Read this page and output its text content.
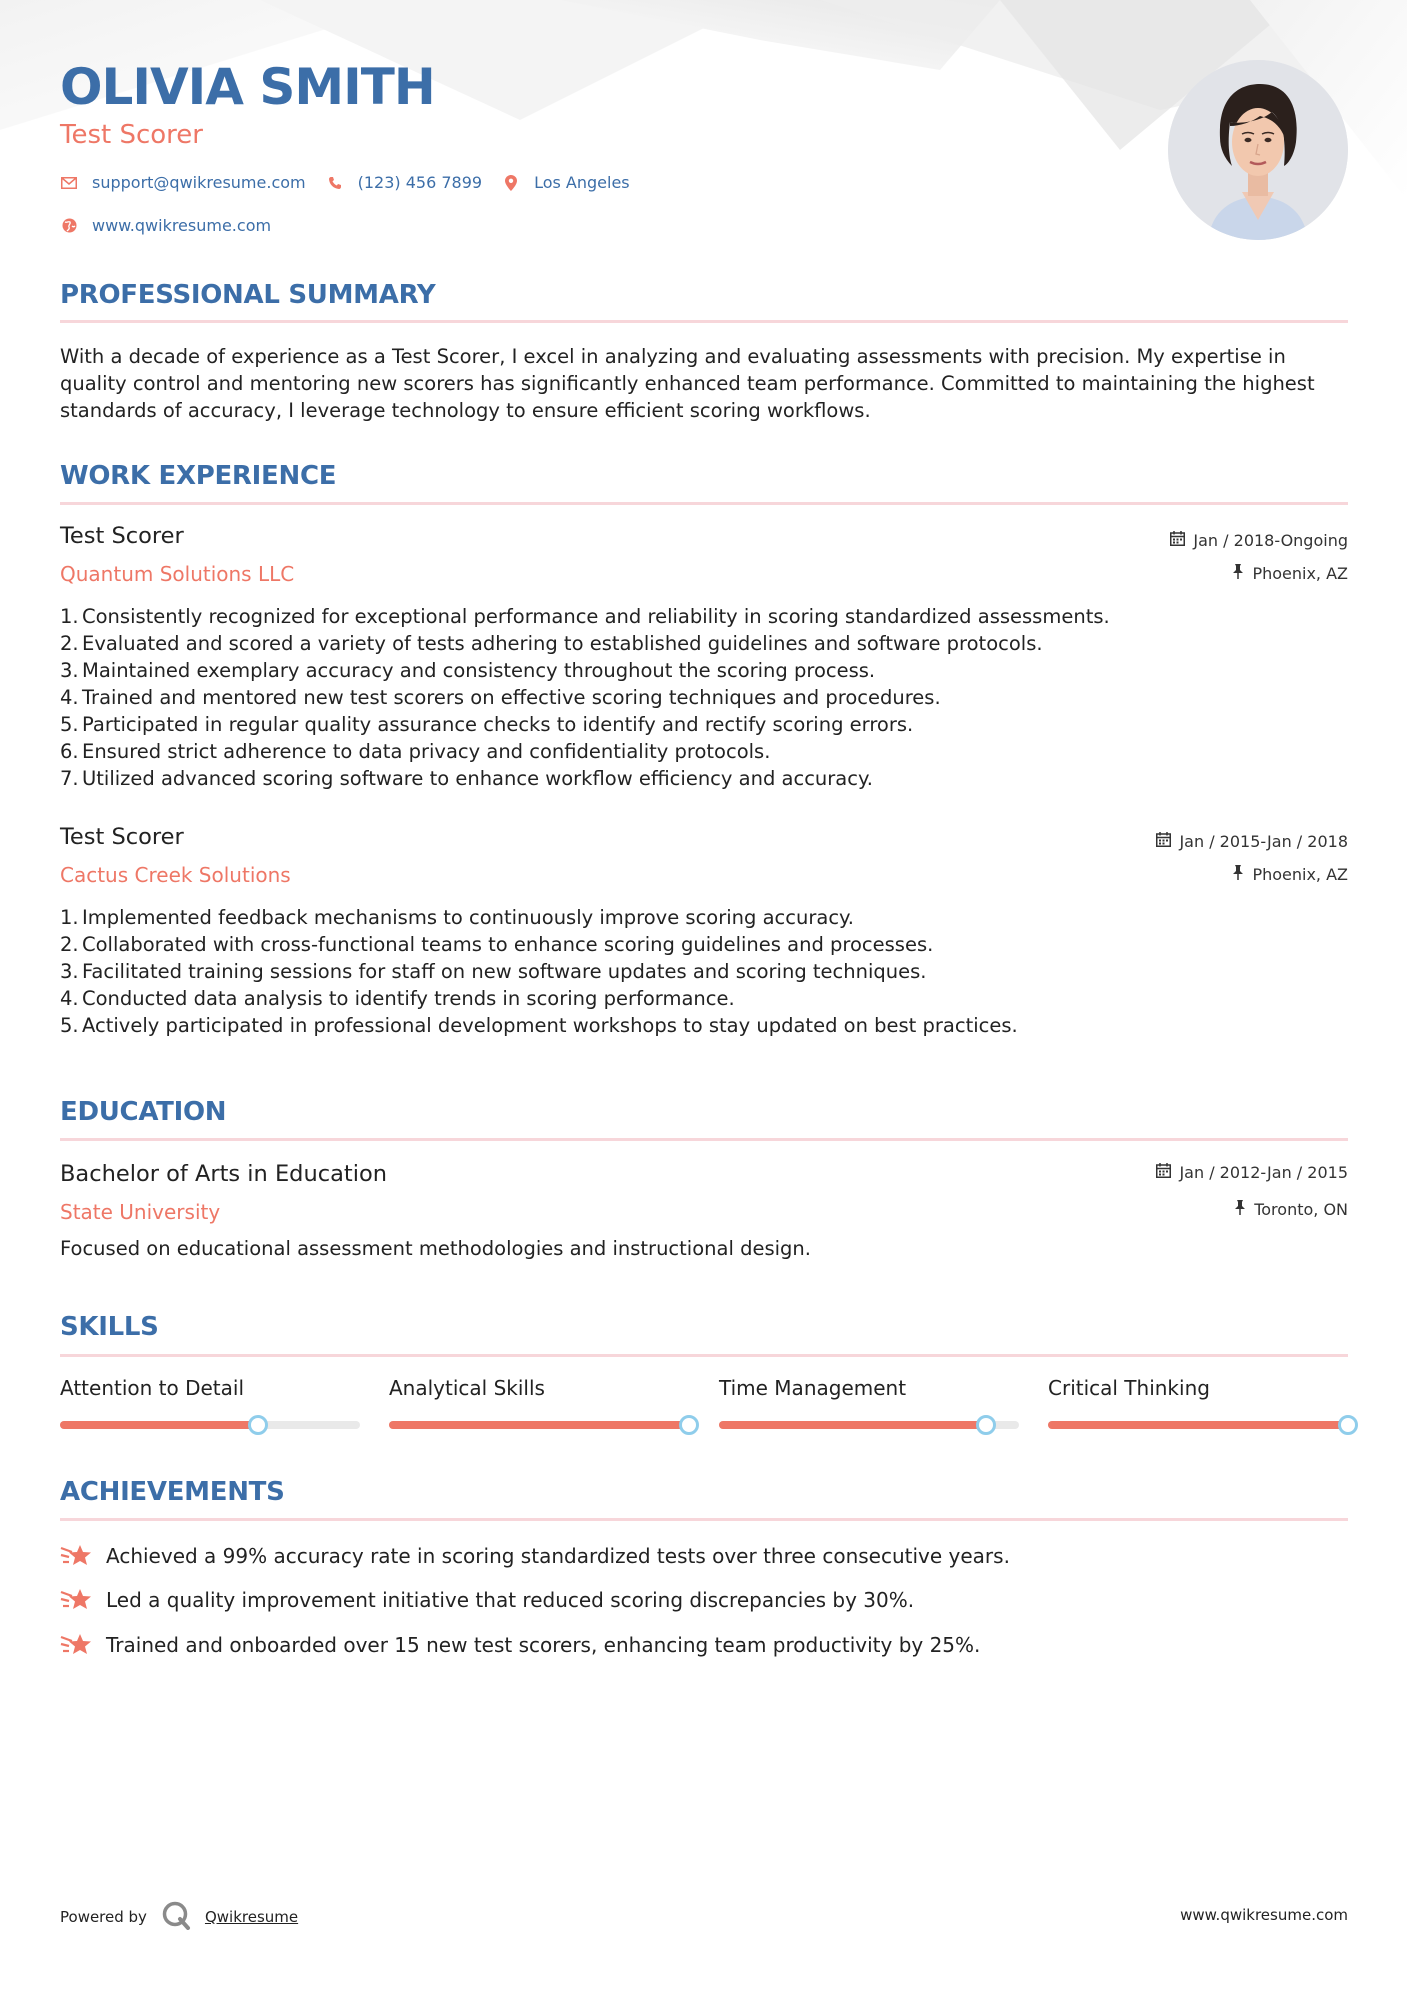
OLIVIA SMITH
Test Scorer
support@qwikresume.com	(123) 456 7899	Los Angeles
www.qwikresume.com
PROFESSIONAL SUMMARY
With a decade of experience as a Test Scorer, I excel in analyzing and evaluating assessments with precision. My expertise in quality control and mentoring new scorers has significantly enhanced team performance. Committed to maintaining the highest standards of accuracy, I leverage technology to ensure efficient scoring workflows.
WORK EXPERIENCE
Test Scorer
Quantum Solutions LLC
Jan / 2018-Ongoing
Phoenix, AZ
1. Consistently recognized for exceptional performance and reliability in scoring standardized assessments.
2. Evaluated and scored a variety of tests adhering to established guidelines and software protocols.
3. Maintained exemplary accuracy and consistency throughout the scoring process.
4. Trained and mentored new test scorers on effective scoring techniques and procedures.
5. Participated in regular quality assurance checks to identify and rectify scoring errors.
6. Ensured strict adherence to data privacy and confidentiality protocols.
7. Utilized advanced scoring software to enhance workflow efficiency and accuracy.
Test Scorer
Cactus Creek Solutions
Jan / 2015-Jan / 2018
Phoenix, AZ
1. Implemented feedback mechanisms to continuously improve scoring accuracy.
2. Collaborated with cross-functional teams to enhance scoring guidelines and processes.
3. Facilitated training sessions for staff on new software updates and scoring techniques.
4. Conducted data analysis to identify trends in scoring performance.
5. Actively participated in professional development workshops to stay updated on best practices.
EDUCATION
Bachelor of Arts in Education
State University
Jan / 2012-Jan / 2015
Toronto, ON
Focused on educational assessment methodologies and instructional design.
SKILLS
Attention to Detail	Analytical Skills	Time Management	Critical Thinking
ACHIEVEMENTS
Achieved a 99% accuracy rate in scoring standardized tests over three consecutive years.
Led a quality improvement initiative that reduced scoring discrepancies by 30%.
Trained and onboarded over 15 new test scorers, enhancing team productivity by 25%.
Powered by	Qwikresume	www.qwikresume.com
